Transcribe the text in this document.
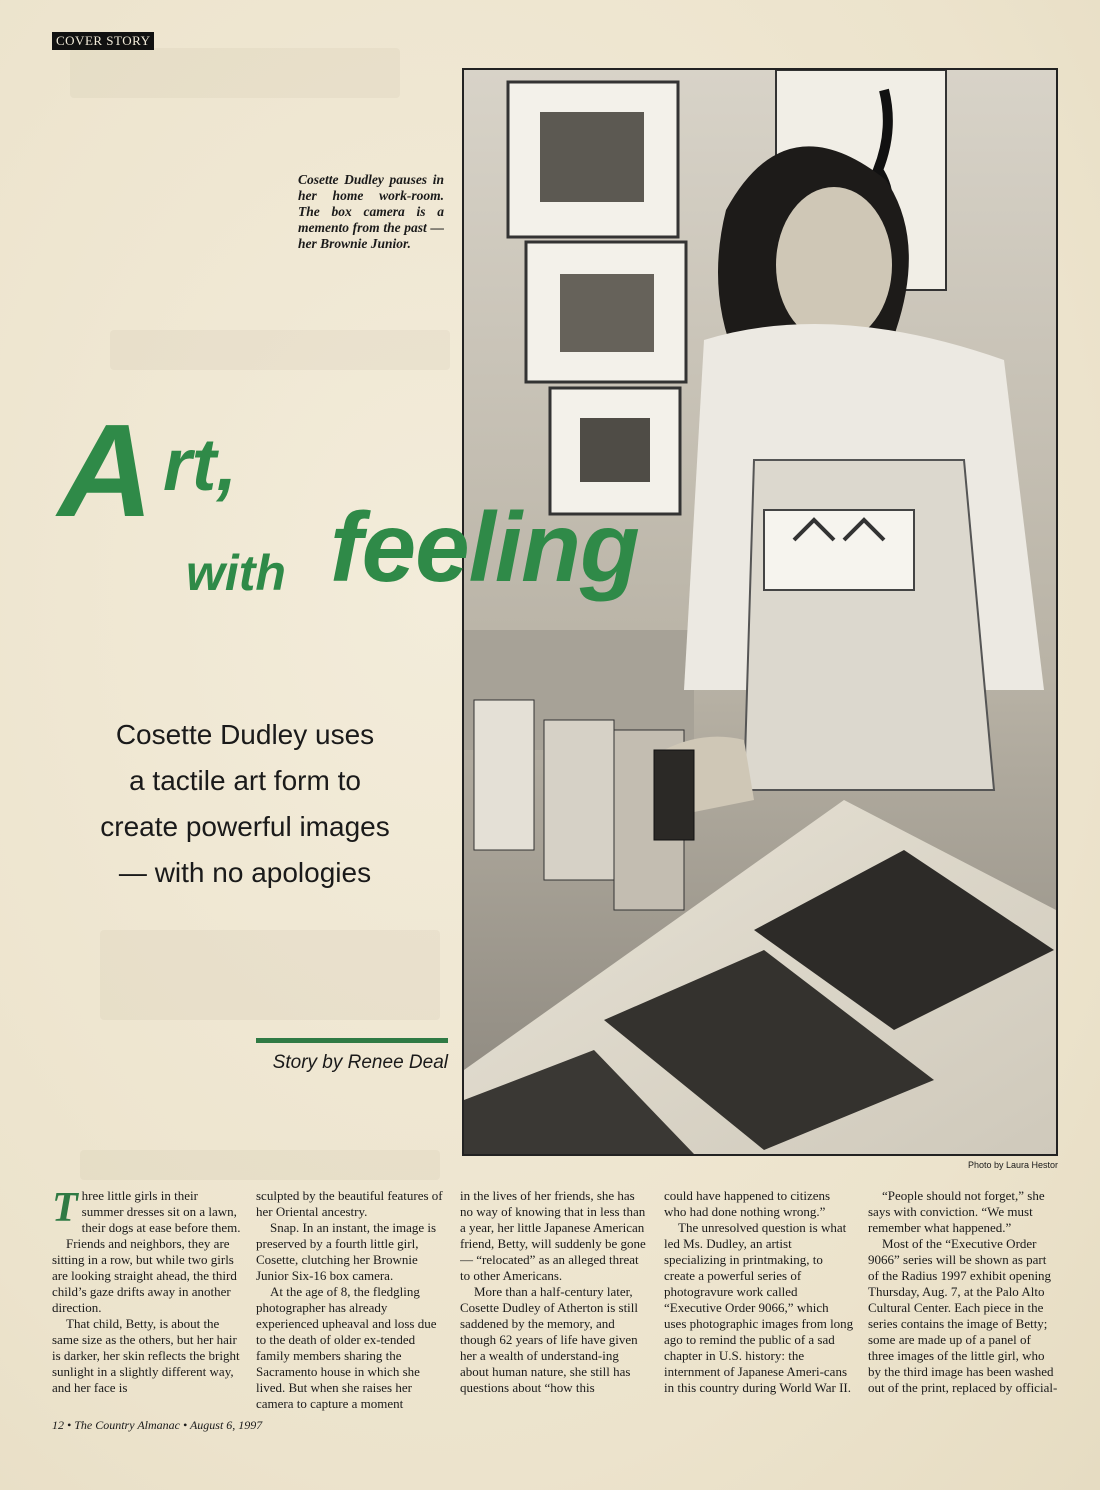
COVER STORY
Cosette Dudley pauses in her home work-room. The box camera is a memento from the past — her Brownie Junior.
A rt,
with feeling
Cosette Dudley uses
a tactile art form to
create powerful images
— with no apologies
Story by Renee Deal
Photo by Laura Hestor

Three little girls in their summer dresses sit on a lawn, their dogs at ease before them.

Friends and neighbors, they are sitting in a row, but while two girls are looking straight ahead, the third child’s gaze drifts away in another direction.

That child, Betty, is about the same size as the others, but her hair is darker, her skin reflects the bright sunlight in a slightly different way, and her face is

sculpted by the beautiful features of her Oriental ancestry.

Snap. In an instant, the image is preserved by a fourth little girl, Cosette, clutching her Brownie Junior Six-16 box camera.

At the age of 8, the fledgling photographer has already experienced upheaval and loss due to the death of older ex-tended family members sharing the Sacramento house in which she lived. But when she raises her camera to capture a moment

in the lives of her friends, she has no way of knowing that in less than a year, her little Japanese American friend, Betty, will suddenly be gone — “relocated” as an alleged threat to other Americans.

More than a half-century later, Cosette Dudley of Atherton is still saddened by the memory, and though 62 years of life have given her a wealth of understand-ing about human nature, she still has questions about “how this

could have happened to citizens who had done nothing wrong.”

The unresolved question is what led Ms. Dudley, an artist specializing in printmaking, to create a powerful series of photogravure work called “Executive Order 9066,” which uses photographic images from long ago to remind the public of a sad chapter in U.S. history: the internment of Japanese Ameri-cans in this country during World War II.

“People should not forget,” she says with conviction. “We must remember what happened.”

Most of the “Executive Order 9066” series will be shown as part of the Radius 1997 exhibit opening Thursday, Aug. 7, at the Palo Alto Cultural Center. Each piece in the series contains the image of Betty; some are made up of a panel of three images of the little girl, who by the third image has been washed out of the print, replaced by official-

12 • The Country Almanac • August 6, 1997
